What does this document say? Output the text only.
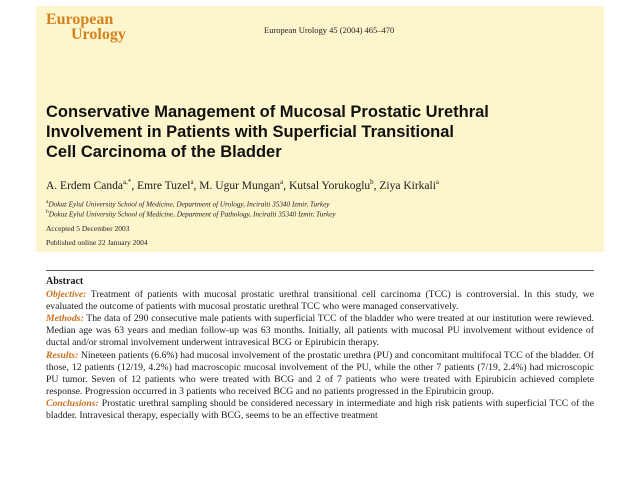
European
Urology	European Urology 45 (2004) 465–470
Conservative Management of Mucosal Prostatic Urethral
Involvement in Patients with Superficial Transitional
Cell Carcinoma of the Bladder
A. Erdem Canda$^{a,*}$, Emre Tuzel$^a$, M. Ugur Mungan$^a$, Kutsal Yorukoglu$^b$, Ziya Kirkali$^a$
$^a$Dokuz Eylul University School of Medicine, Department of Urology, Inciralti 35340 Izmir, Turkey
$^b$Dokuz Eylul University School of Medicine, Department of Pathology, Inciralti 35340 Izmir, Turkey
Accepted 5 December 2003
Published online 22 January 2004
Abstract

Objective: Treatment of patients with mucosal prostatic urethral transitional cell carcinoma (TCC) is controversial. In this study, we evaluated the outcome of patients with mucosal prostatic urethral TCC who were managed conservatively.

Methods: The data of 290 consecutive male patients with superficial TCC of the bladder who were treated at our institution were rewieved. Median age was 63 years and median follow-up was 63 months. Initially, all patients with mucosal PU involvement without evidence of ductal and/or stromal involvement underwent intravesical BCG or Epirubicin therapy.

Results: Nineteen patients (6.6%) had mucosal involvement of the prostatic urethra (PU) and concomitant multifocal TCC of the bladder. Of those, 12 patients (12/19, 4.2%) had macroscopic mucosal involvement of the PU, while the other 7 patients (7/19, 2.4%) had microscopic PU tumor. Seven of 12 patients who were treated with BCG and 2 of 7 patients who were treated with Epirubicin achieved complete response. Progression occurred in 3 patients who received BCG and no patients progressed in the Epirubicin group.

Conclusions: Prostatic urethral sampling should be considered necessary in intermediate and high risk patients with superficial TCC of the bladder. Intravesical therapy, especially with BCG, seems to be an effective treatment
